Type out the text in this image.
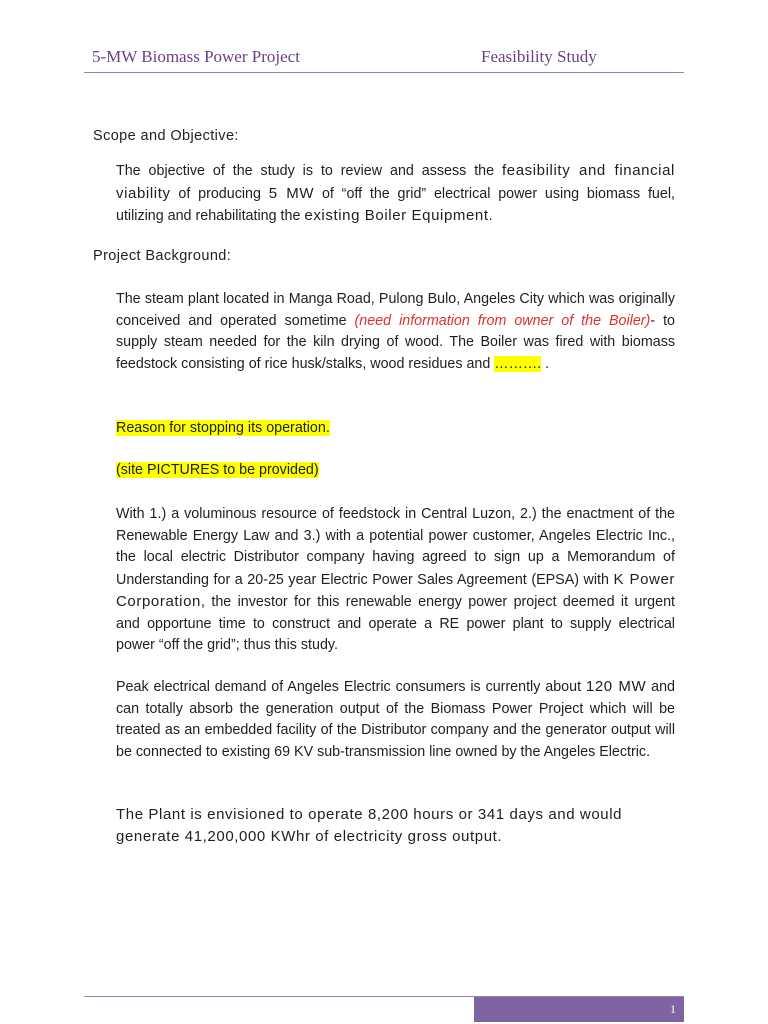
5-MW Biomass Power Project	Feasibility Study
Scope and Objective:
The objective of the study is to review and assess the feasibility and financial viability of producing 5 MW of “off the grid” electrical power using biomass fuel, utilizing and rehabilitating the existing Boiler Equipment.
Project Background:
The steam plant located in Manga Road, Pulong Bulo, Angeles City which was originally conceived and operated sometime (need information from owner of the Boiler)- to supply steam needed for the kiln drying of wood. The Boiler was fired with biomass feedstock consisting of rice husk/stalks, wood residues and ………. .
Reason for stopping its operation.
(site PICTURES to be provided)
With 1.) a voluminous resource of feedstock in Central Luzon, 2.) the enactment of the Renewable Energy Law and 3.) with a potential power customer, Angeles Electric Inc., the local electric Distributor company having agreed to sign up a Memorandum of Understanding for a 20-25 year Electric Power Sales Agreement (EPSA) with K Power Corporation, the investor for this renewable energy power project deemed it urgent and opportune time to construct and operate a RE power plant to supply electrical power “off the grid”; thus this study.
Peak electrical demand of Angeles Electric consumers is currently about 120 MW and can totally absorb the generation output of the Biomass Power Project which will be treated as an embedded facility of the Distributor company and the generator output will be connected to existing 69 KV sub-transmission line owned by the Angeles Electric.
The Plant is envisioned to operate 8,200 hours or 341 days and would generate 41,200,000 KWhr of electricity gross output.
1
